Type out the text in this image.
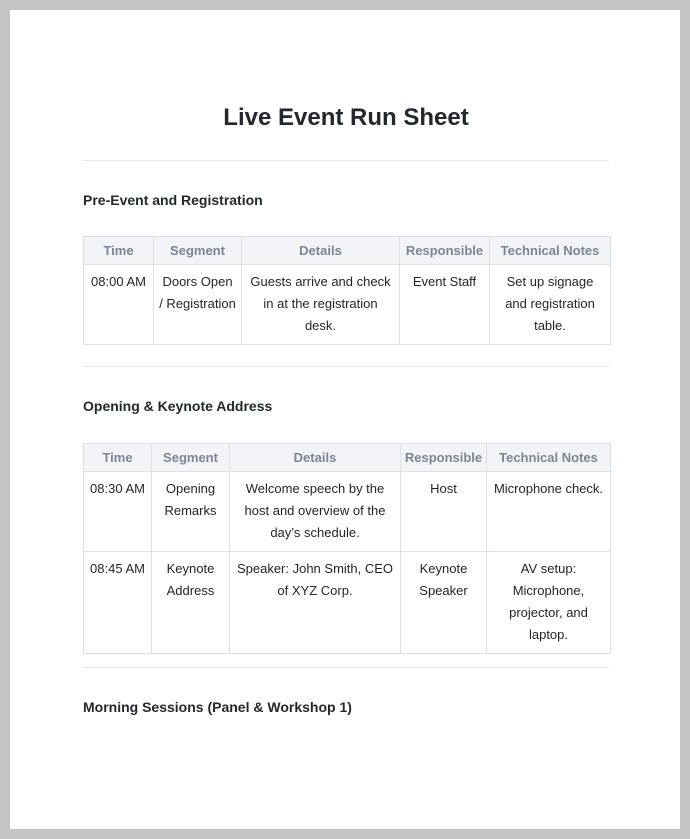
Live Event Run Sheet
Pre-Event and Registration
Time	Segment	Details	Responsible	Technical Notes
08:00 AM	Doors Open / Registration	Guests arrive and check in at the registration desk.	Event Staff	Set up signage and registration table.
Opening & Keynote Address
Time	Segment	Details	Responsible	Technical Notes
08:30 AM	Opening Remarks	Welcome speech by the host and overview of the day’s schedule.	Host	Microphone check.
08:45 AM	Keynote Address	Speaker: John Smith, CEO of XYZ Corp.	Keynote Speaker	AV setup: Microphone, projector, and laptop.
Morning Sessions (Panel & Workshop 1)
